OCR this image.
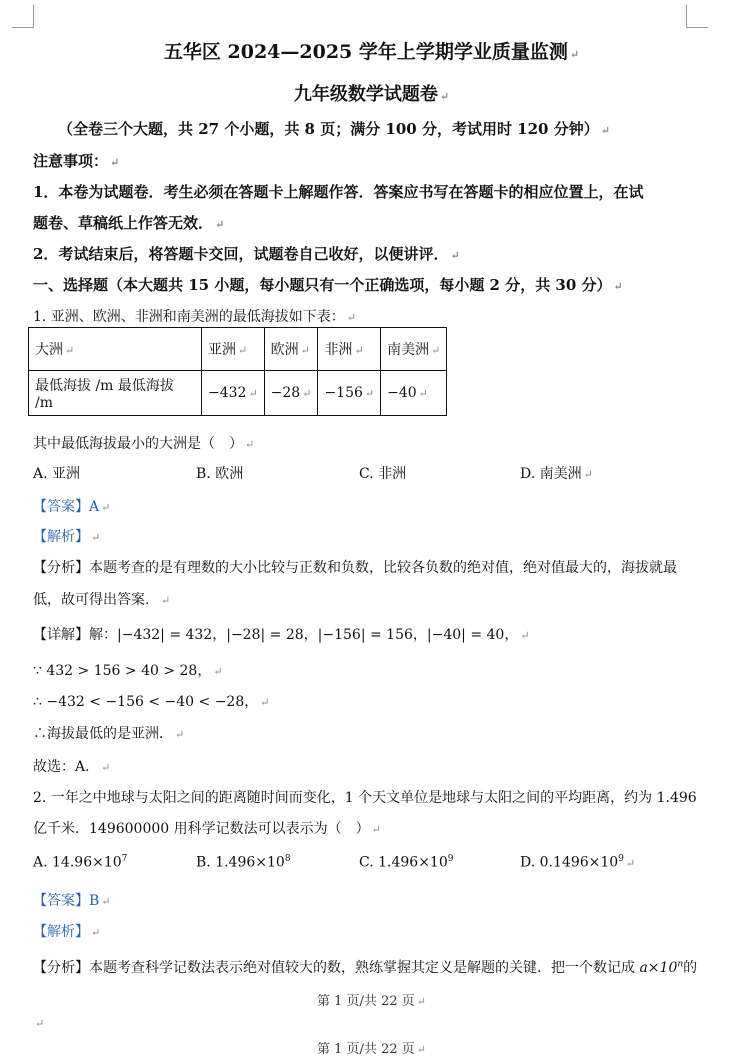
五华区 2024—2025 学年上学期学业质量监测 ↵
九年级数学试题卷 ↵
（全卷三个大题，共 27 个小题，共 8 页；满分 100 分，考试用时 120 分钟） ↵
注意事项： ↵
1．本卷为试题卷．考生必须在答题卡上解题作答．答案应书写在答题卡的相应位置上，在试
题卷、草稿纸上作答无效． ↵
2．考试结束后，将答题卡交回，试题卷自己收好，以便讲评． ↵
一、选择题（本大题共 15 小题，每小题只有一个正确选项，每小题 2 分，共 30 分） ↵
1. 亚洲、欧洲、非洲和南美洲的最低海拔如下表： ↵
大洲 ↵	亚洲 ↵	欧洲 ↵	非洲 ↵	南美洲 ↵
最低海拔 /m 最低海拔 /m	−432 ↵	−28 ↵	−156 ↵	−40 ↵
其中最低海拔最小的大洲是（　） ↵
A. 亚洲	B. 欧洲	C. 非洲	D. 南美洲 ↵
【答案】A ↵
【解析】 ↵
【分析】本题考查的是有理数的大小比较与正数和负数，比较各负数的绝对值，绝对值最大的，海拔就最
低，故可得出答案． ↵
【详解】解：|−432| = 432，|−28| = 28，|−156| = 156，|−40| = 40， ↵
∵ 432 > 156 > 40 > 28， ↵
∴ −432 < −156 < −40 < −28， ↵
∴海拔最低的是亚洲． ↵
故选：A． ↵
2. 一年之中地球与太阳之间的距离随时间而变化，1 个天文单位是地球与太阳之间的平均距离，约为 1.496
亿千米．149600000 用科学记数法可以表示为（　） ↵
A. $14.96\times 10^7$	B. $1.496\times 10^8$	C. $1.496\times 10^9$	D. $0.1496\times 10^9$ ↵
【答案】B ↵
【解析】 ↵
【分析】本题考查科学记数法表示绝对值较大的数，熟练掌握其定义是解题的关键．把一个数记成 $a\times 10^n$的
第 1 页/共 22 页 ↵
↵
第 1 页/共 22 页 ↵
